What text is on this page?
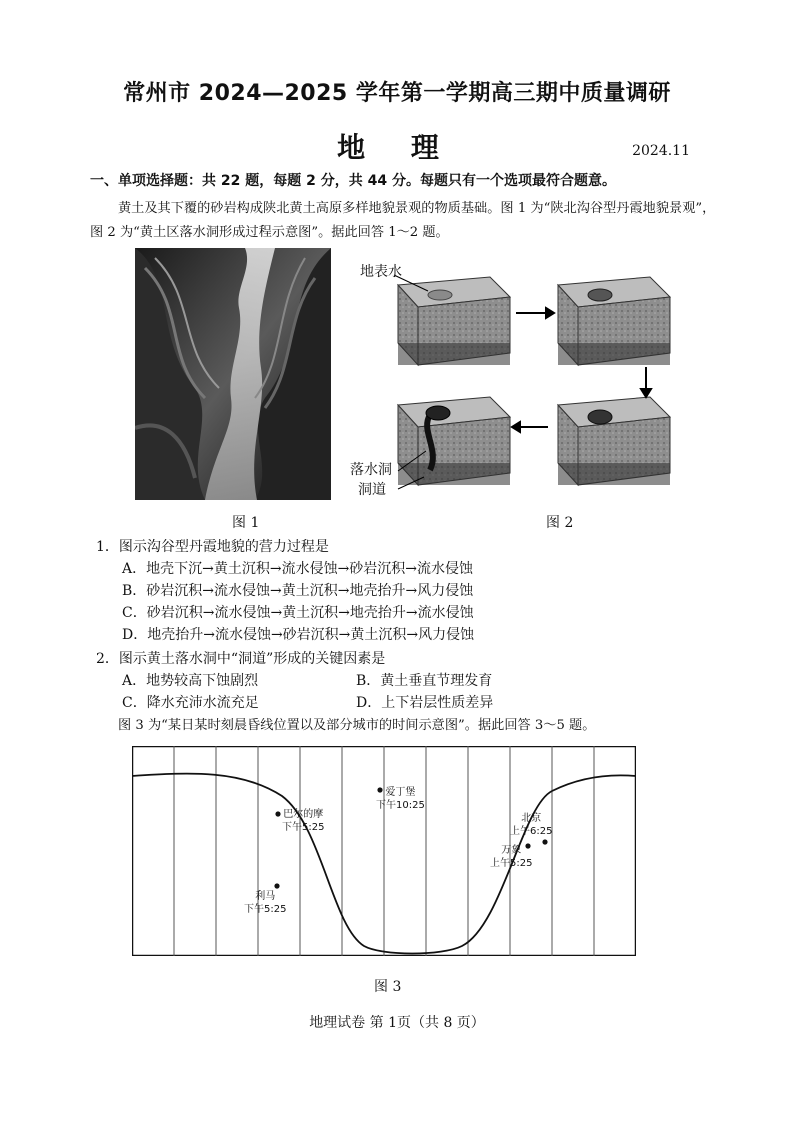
常州市 2024—2025 学年第一学期高三期中质量调研
地 理	2024.11
一、单项选择题：共 22 题，每题 2 分，共 44 分。每题只有一个选项最符合题意。
黄土及其下覆的砂岩构成陕北黄土高原多样地貌景观的物质基础。图 1 为“陕北沟谷型丹霞地貌景观”，图 2 为“黄土区落水洞形成过程示意图”。据此回答 1～2 题。
图 1
地表水
落水洞
洞道
图 2
1．图示沟谷型丹霞地貌的营力过程是
A．地壳下沉→黄土沉积→流水侵蚀→砂岩沉积→流水侵蚀
B．砂岩沉积→流水侵蚀→黄土沉积→地壳抬升→风力侵蚀
C．砂岩沉积→流水侵蚀→黄土沉积→地壳抬升→流水侵蚀
D．地壳抬升→流水侵蚀→砂岩沉积→黄土沉积→风力侵蚀
2．图示黄土落水洞中“洞道”形成的关键因素是
A．地势较高下蚀剧烈	B．黄土垂直节理发育
C．降水充沛水流充足	D．上下岩层性质差异
图 3 为“某日某时刻晨昏线位置以及部分城市的时间示意图”。据此回答 3～5 题。
巴尔的摩
下午5:25
爱丁堡
下午10:25
北京
上午6:25
万象
上午5:25
利马
下午5:25
图 3
地理试卷 第 1页（共 8 页）
